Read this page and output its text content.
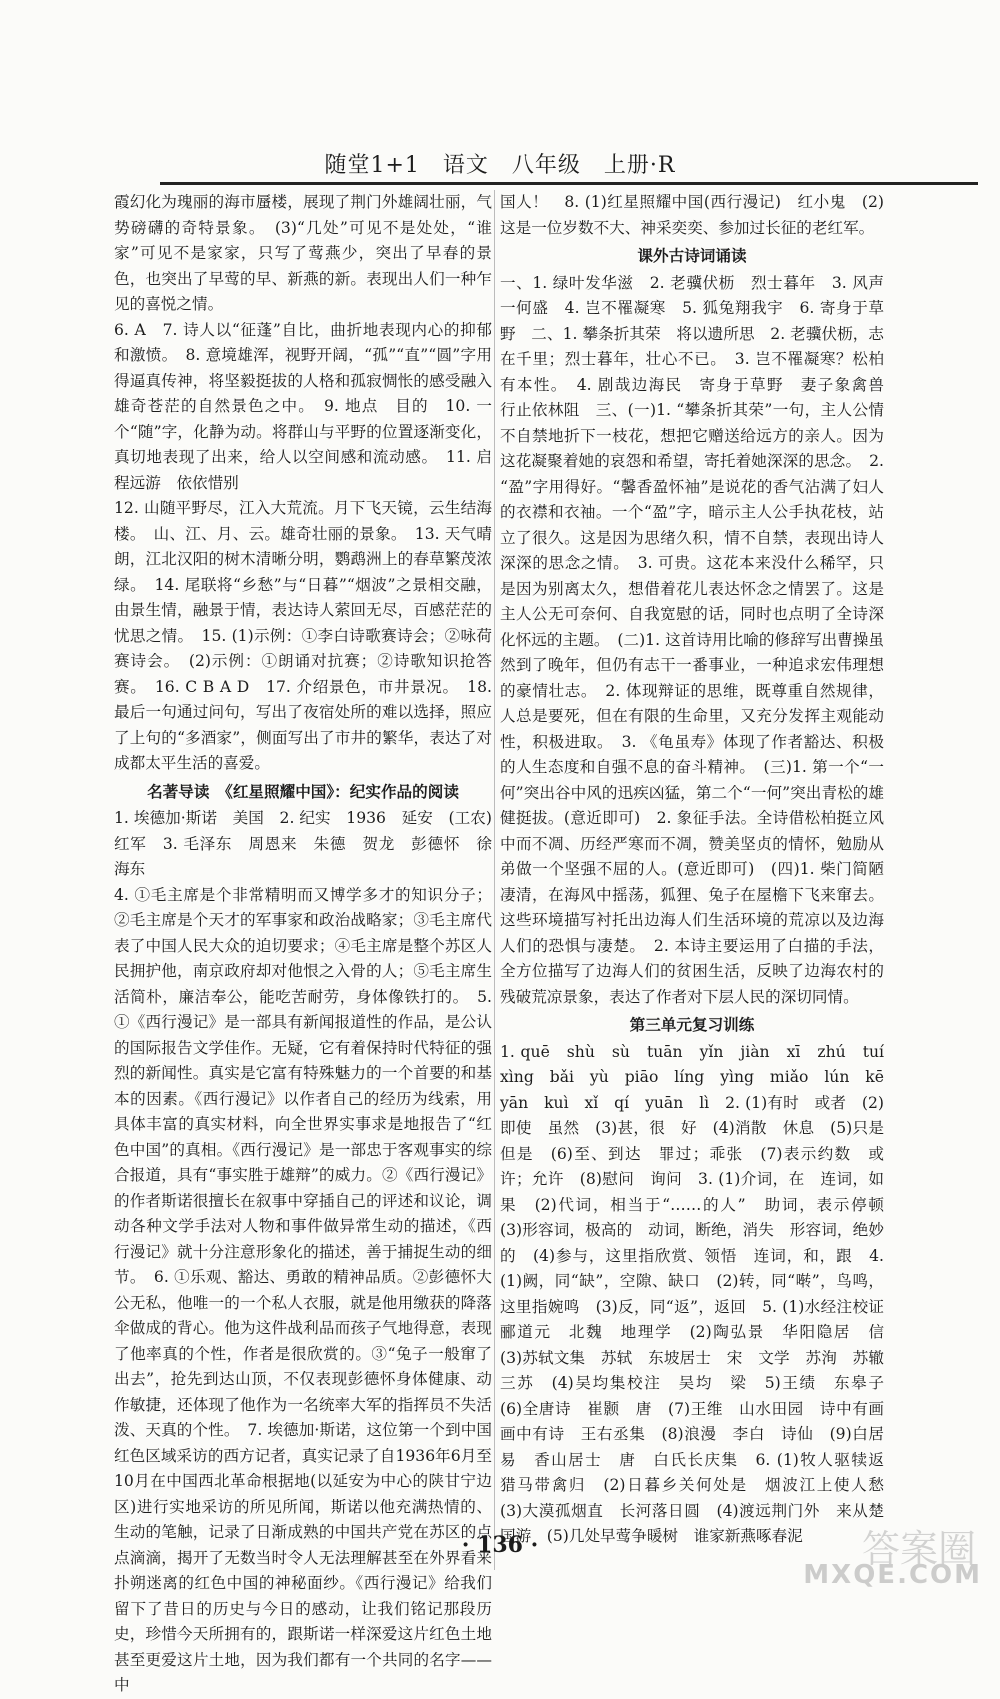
随堂1+1　语文　八年级　上册·R

霞幻化为瑰丽的海市蜃楼，展现了荆门外雄阔壮丽，气势磅礴的奇特景象。　(3)“几处”可见不是处处，“谁家”可见不是家家，只写了莺燕少，突出了早春的景色，也突出了早莺的早、新燕的新。表现出人们一种乍见的喜悦之情。

6. A　7. 诗人以“征蓬”自比，曲折地表现内心的抑郁和激愤。　8. 意境雄浑，视野开阔，“孤”“直”“圆”字用得逼真传神，将坚毅挺拔的人格和孤寂惆怅的感受融入雄奇苍茫的自然景色之中。　9. 地点　目的　10. 一个“随”字，化静为动。将群山与平野的位置逐渐变化，真切地表现了出来，给人以空间感和流动感。　11. 启程远游　依依惜别

12. 山随平野尽，江入大荒流。月下飞天镜，云生结海楼。　山、江、月、云。雄奇壮丽的景象。　13. 天气晴朗，江北汉阳的树木清晰分明，鹦鹉洲上的春草繁茂浓绿。　14. 尾联将“乡愁”与“日暮”“烟波”之景相交融，由景生情，融景于情，表达诗人萦回无尽，百感茫茫的忧思之情。　15. (1)示例：①李白诗歌赛诗会；②咏荷赛诗会。　(2)示例：①朗诵对抗赛；②诗歌知识抢答赛。　16. C B A D　17. 介绍景色，市井景况。　18. 最后一句通过问句，写出了夜宿处所的难以选择，照应了上句的“多酒家”，侧面写出了市井的繁华，表达了对成都太平生活的喜爱。

名著导读　《红星照耀中国》：纪实作品的阅读

1. 埃德加·斯诺　美国　2. 纪实　1936　延安　(工农)红军　3. 毛泽东　周恩来　朱德　贺龙　彭德怀　徐海东

4. ①毛主席是个非常精明而又博学多才的知识分子；②毛主席是个天才的军事家和政治战略家；③毛主席代表了中国人民大众的迫切要求；④毛主席是整个苏区人民拥护他，南京政府却对他恨之入骨的人；⑤毛主席生活简朴，廉洁奉公，能吃苦耐劳，身体像铁打的。　5. ①《西行漫记》是一部具有新闻报道性的作品，是公认的国际报告文学佳作。无疑，它有着保持时代特征的强烈的新闻性。真实是它富有特殊魅力的一个首要的和基本的因素。《西行漫记》以作者自己的经历为线索，用具体丰富的真实材料，向全世界实事求是地报告了“红色中国”的真相。《西行漫记》是一部忠于客观事实的综合报道，具有“事实胜于雄辩”的威力。②《西行漫记》的作者斯诺很擅长在叙事中穿插自己的评述和议论，调动各种文学手法对人物和事件做异常生动的描述，《西行漫记》就十分注意形象化的描述，善于捕捉生动的细节。　6. ①乐观、豁达、勇敢的精神品质。②彭德怀大公无私，他唯一的一个私人衣服，就是他用缴获的降落伞做成的背心。他为这件战利品而孩子气地得意，表现了他率真的个性，作者是很欣赏的。③“兔子一般窜了出去”，抢先到达山顶，不仅表现彭德怀身体健康、动作敏捷，还体现了他作为一名统率大军的指挥员不失活泼、天真的个性。　7. 埃德加·斯诺，这位第一个到中国红色区域采访的西方记者，真实记录了自1936年6月至10月在中国西北革命根据地(以延安为中心的陕甘宁边区)进行实地采访的所见所闻，斯诺以他充满热情的、生动的笔触，记录了日渐成熟的中国共产党在苏区的点点滴滴，揭开了无数当时令人无法理解甚至在外界看来扑朔迷离的红色中国的神秘面纱。《西行漫记》给我们留下了昔日的历史与今日的感动，让我们铭记那段历史，珍惜今天所拥有的，跟斯诺一样深爱这片红色土地甚至更爱这片土地，因为我们都有一个共同的名字——中

国人！　8. (1)红星照耀中国(西行漫记)　红小鬼　(2)这是一位岁数不大、神采奕奕、参加过长征的老红军。

课外古诗词诵读

一、1. 绿叶发华滋　2. 老骥伏枥　烈士暮年　3. 风声一何盛　4. 岂不罹凝寒　5. 狐兔翔我宇　6. 寄身于草野　二、1. 攀条折其荣　将以遗所思　2. 老骥伏枥，志在千里；烈士暮年，壮心不已。　3. 岂不罹凝寒？松柏有本性。　4. 剧哉边海民　寄身于草野　妻子象禽兽　行止依林阻　三、(一)1. “攀条折其荣”一句，主人公情不自禁地折下一枝花，想把它赠送给远方的亲人。因为这花凝聚着她的哀怨和希望，寄托着她深深的思念。　2. “盈”字用得好。“馨香盈怀袖”是说花的香气沾满了妇人的衣襟和衣袖。一个“盈”字，暗示主人公手执花枝，站立了很久。这是因为思绪久积，情不自禁，表现出诗人深深的思念之情。　3. 可贵。这花本来没什么稀罕，只是因为别离太久，想借着花儿表达怀念之情罢了。这是主人公无可奈何、自我宽慰的话，同时也点明了全诗深化怀远的主题。　(二)1. 这首诗用比喻的修辞写出曹操虽然到了晚年，但仍有志干一番事业，一种追求宏伟理想的豪情壮志。　2. 体现辩证的思维，既尊重自然规律，人总是要死，但在有限的生命里，又充分发挥主观能动性，积极进取。　3. 《龟虽寿》体现了作者豁达、积极的人生态度和自强不息的奋斗精神。　(三)1. 第一个“一何”突出谷中风的迅疾凶猛，第二个“一何”突出青松的雄健挺拔。(意近即可)　2. 象征手法。全诗借松柏挺立风中而不凋、历经严寒而不凋，赞美坚贞的情怀，勉励从弟做一个坚强不屈的人。(意近即可)　(四)1. 柴门简陋凄清，在海风中摇荡，狐狸、兔子在屋檐下飞来窜去。这些环境描写衬托出边海人们生活环境的荒凉以及边海人们的恐惧与凄楚。　2. 本诗主要运用了白描的手法，全方位描写了边海人们的贫困生活，反映了边海农村的残破荒凉景象，表达了作者对下层人民的深切同情。

第三单元复习训练

1. quē　shù　sù　tuān　yǐn　jiàn　xī　zhú　tuí　xìng　bǎi　yù　piāo　líng　yìng　miǎo　lún　kē　yān　kuì　xǐ　qí　yuān　lì　2. (1)有时　或者　(2)即使　虽然　(3)甚，很　好　(4)消散　休息　(5)只是　但是　(6)至、到达　罪过；乖张　(7)表示约数　或许；允许　(8)慰问　询问　3. (1)介词，在　连词，如果　(2)代词，相当于“……的人”　助词，表示停顿　(3)形容词，极高的　动词，断绝，消失　形容词，绝妙的　(4)参与，这里指欣赏、领悟　连词，和，跟　4. (1)阙，同“缺”，空隙、缺口　(2)转，同“啭”，鸟鸣，这里指婉鸣　(3)反，同“返”，返回　5. (1)水经注校证　郦道元　北魏　地理学　(2)陶弘景　华阳隐居　信　(3)苏轼文集　苏轼　东坡居士　宋　文学　苏洵　苏辙　三苏　(4)吴均集校注　吴均　梁　5)王绩　东皋子　(6)全唐诗　崔颢　唐　(7)王维　山水田园　诗中有画　画中有诗　王右丞集　(8)浪漫　李白　诗仙　(9)白居易　香山居士　唐　白氏长庆集　6. (1)牧人驱犊返　猎马带禽归　(2)日暮乡关何处是　烟波江上使人愁　(3)大漠孤烟直　长河落日圆　(4)渡远荆门外　来从楚国游　(5)几处早莺争暖树　谁家新燕啄春泥

· 136 ·	答案圈
MXQE.COM
